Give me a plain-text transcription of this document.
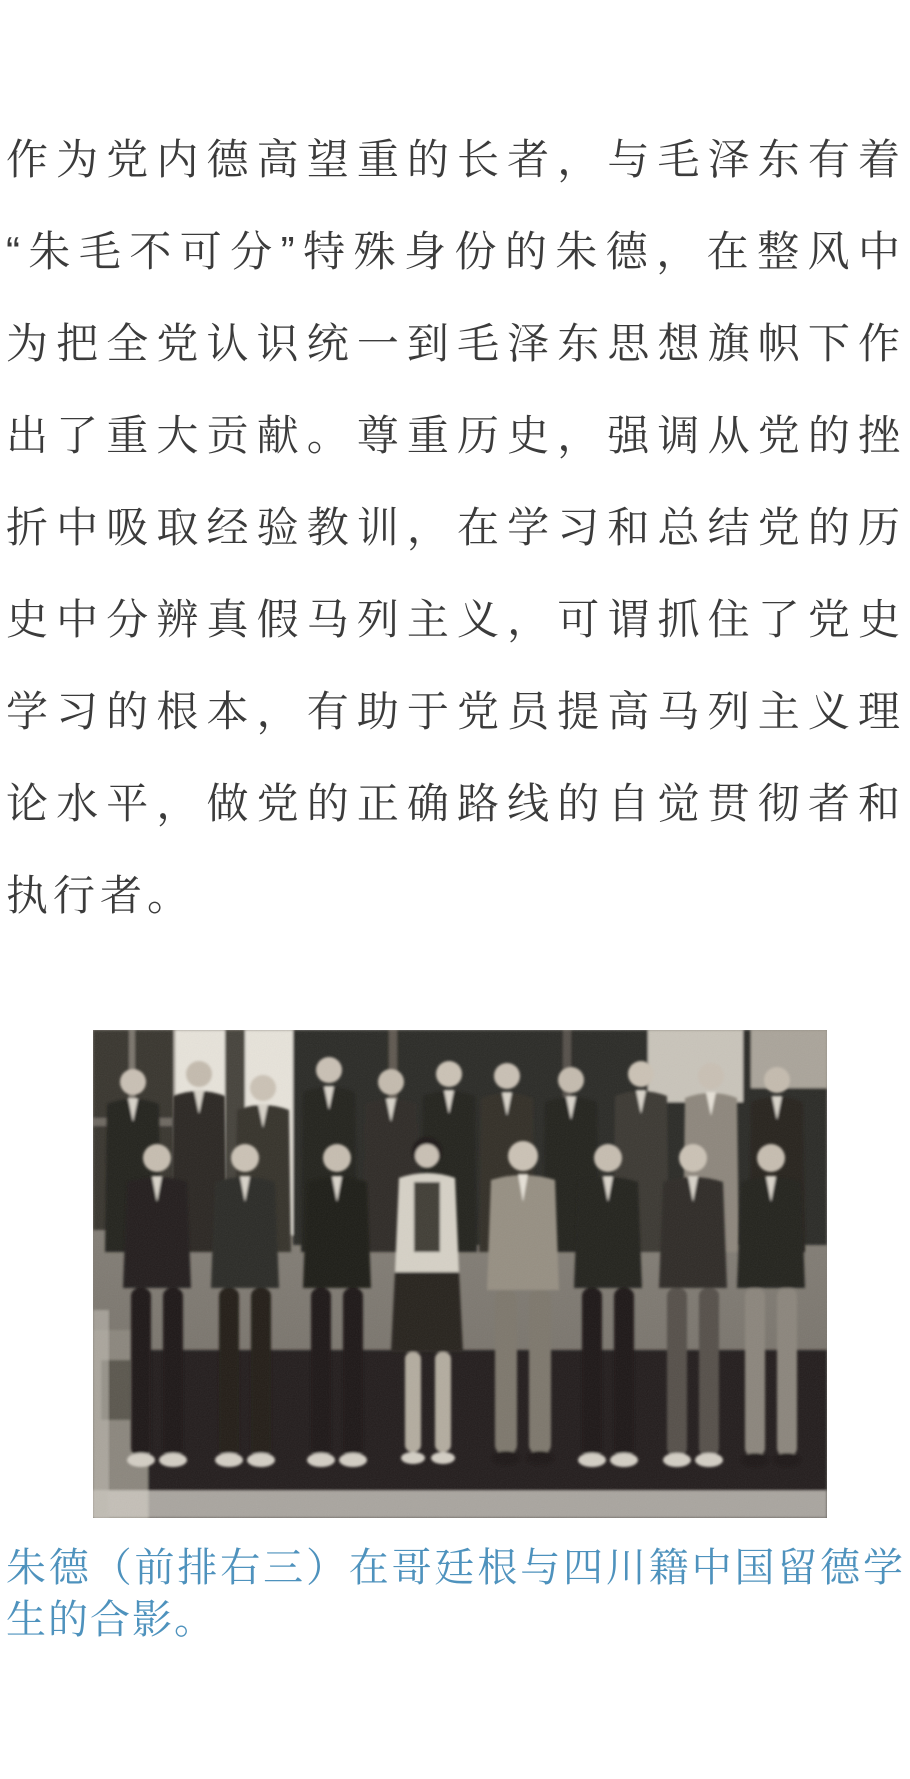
作为党内德高望重的长者，与毛泽东有着
“朱毛不可分”特殊身份的朱德，在整风中
为把全党认识统一到毛泽东思想旗帜下作
出了重大贡献。尊重历史，强调从党的挫
折中吸取经验教训，在学习和总结党的历
史中分辨真假马列主义，可谓抓住了党史
学习的根本，有助于党员提高马列主义理
论水平，做党的正确路线的自觉贯彻者和
执行者。
朱德（前排右三）在哥廷根与四川籍中国留德学
生的合影。
